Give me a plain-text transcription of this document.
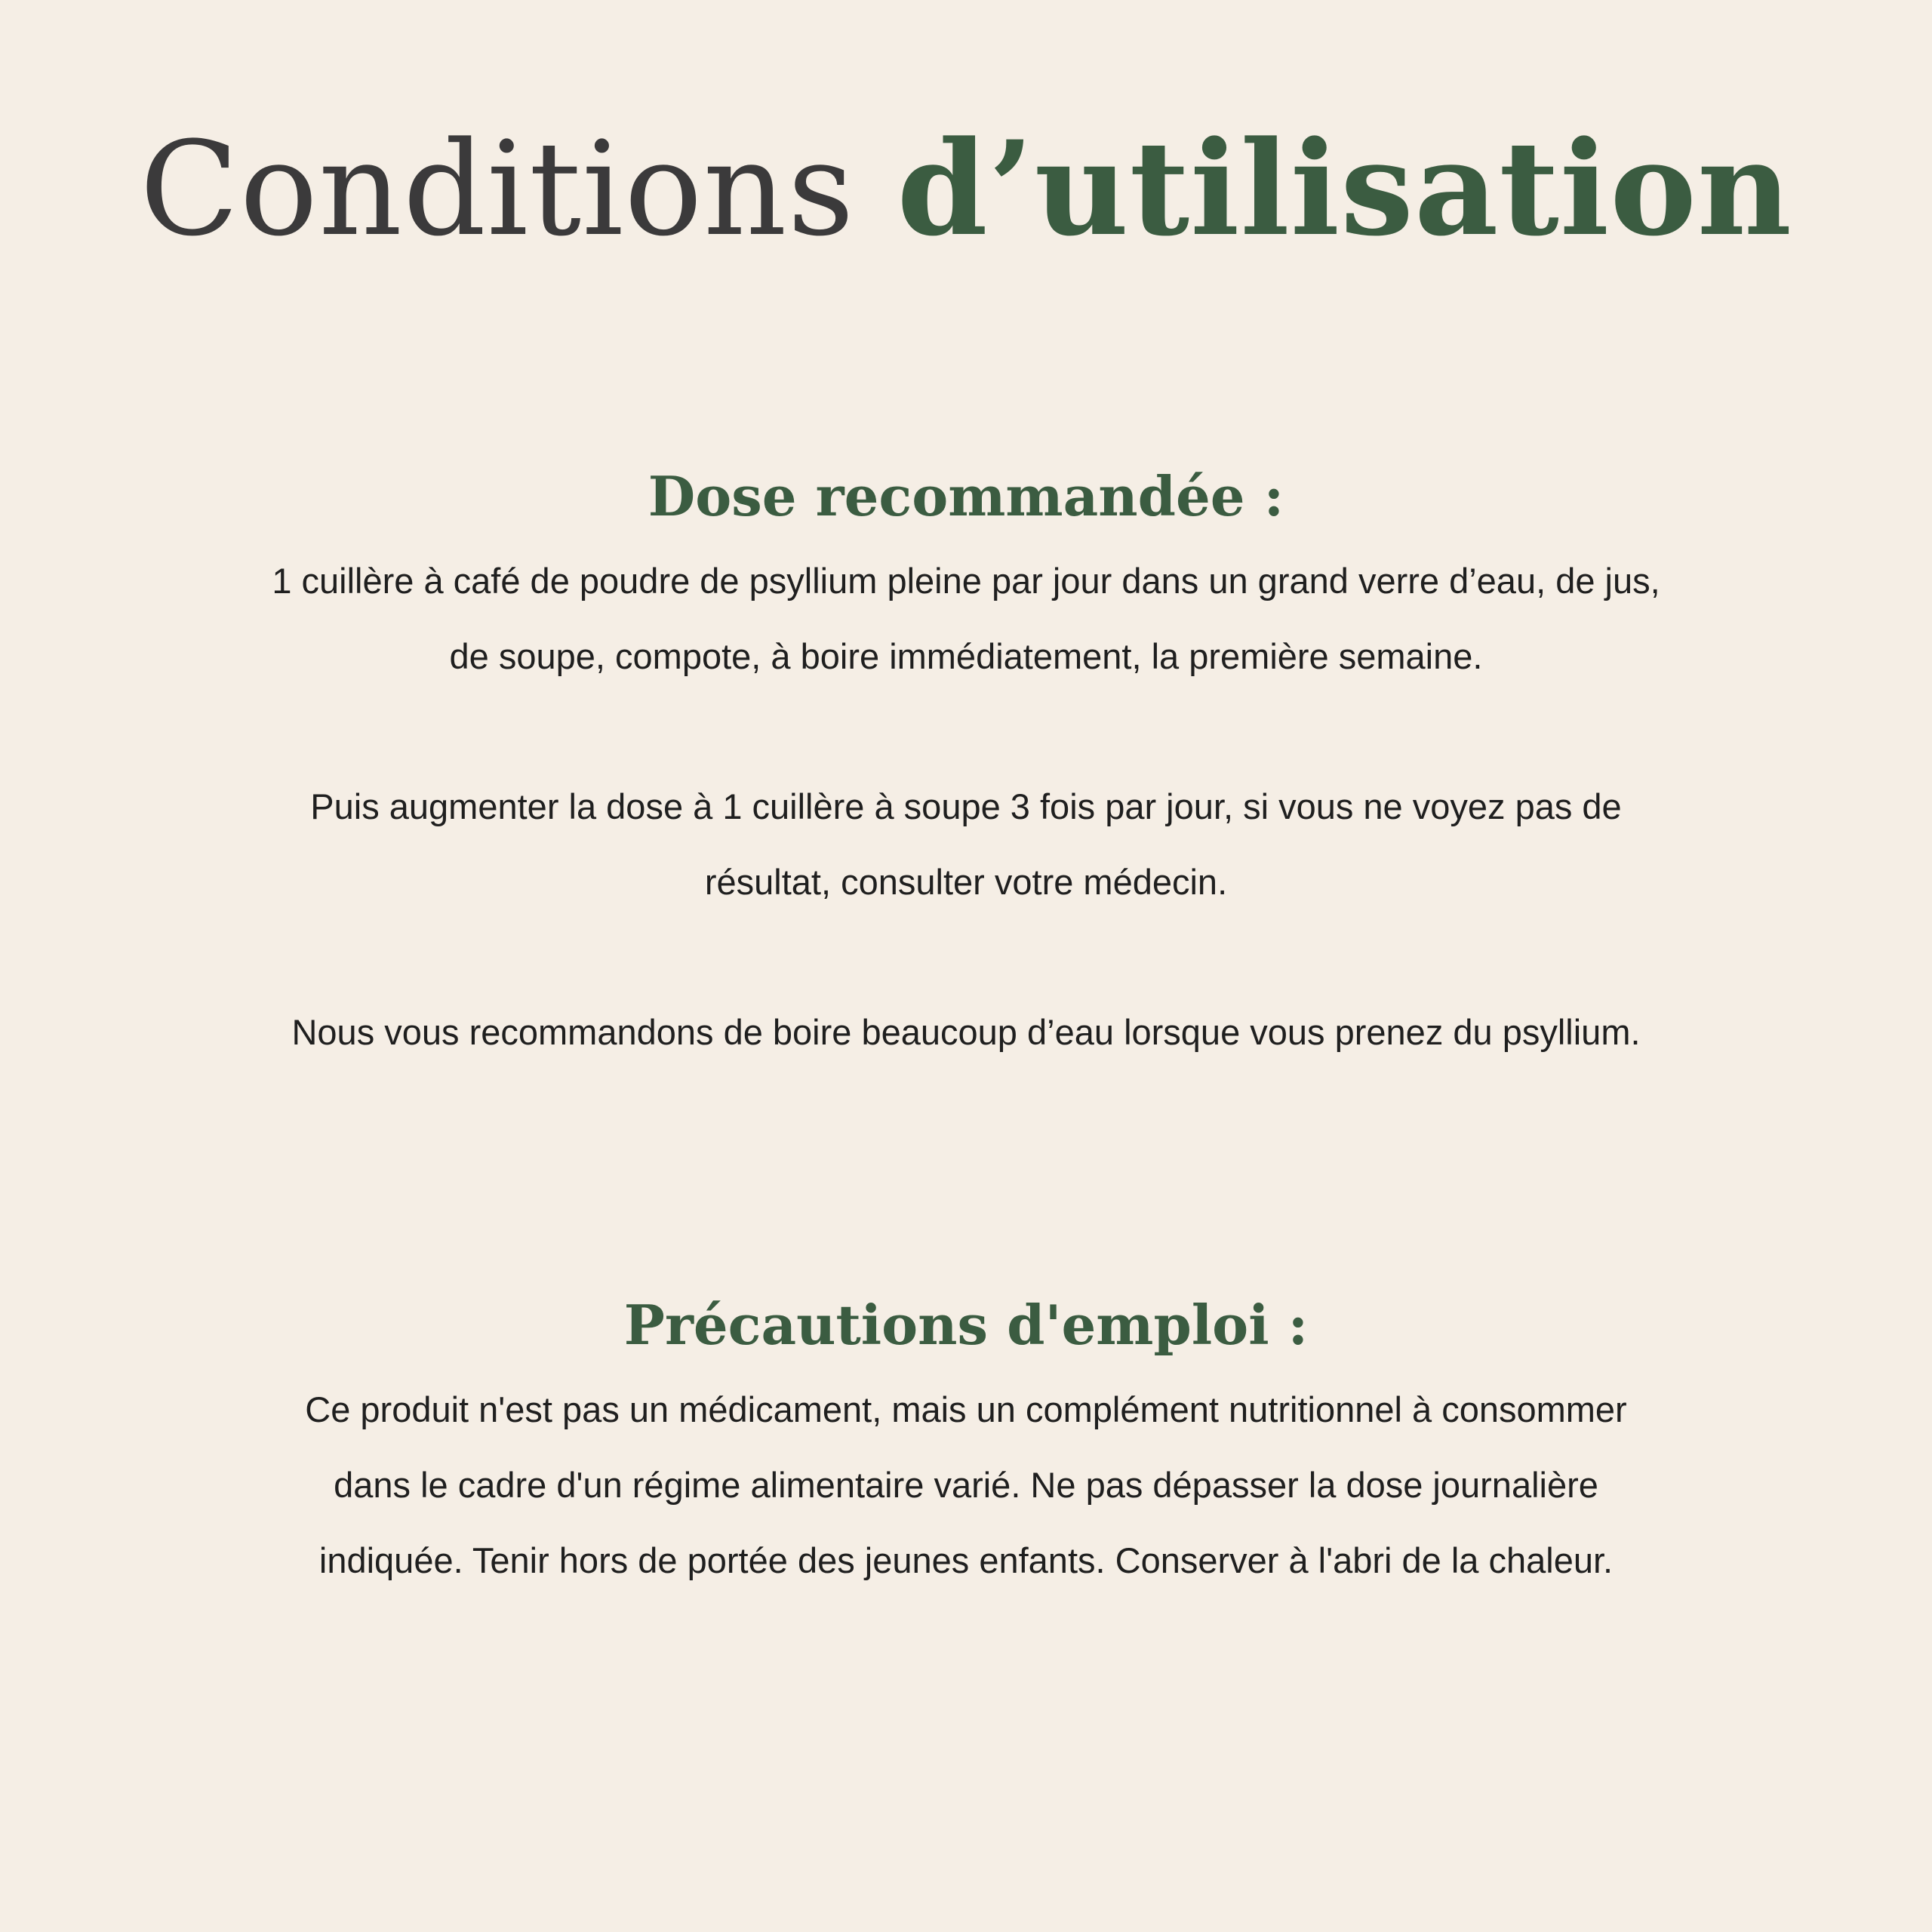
Conditions d’utilisation
Dose recommandée :

1 cuillère à café de poudre de psyllium pleine par jour dans un grand verre d’eau, de jus,
de soupe, compote, à boire immédiatement, la première semaine.

Puis augmenter la dose à 1 cuillère à soupe 3 fois par jour, si vous ne voyez pas de
résultat, consulter votre médecin.

Nous vous recommandons de boire beaucoup d’eau lorsque vous prenez du psyllium.

Précautions d'emploi :

Ce produit n'est pas un médicament, mais un complément nutritionnel à consommer
dans le cadre d'un régime alimentaire varié. Ne pas dépasser la dose journalière
indiquée. Tenir hors de portée des jeunes enfants. Conserver à l'abri de la chaleur.
